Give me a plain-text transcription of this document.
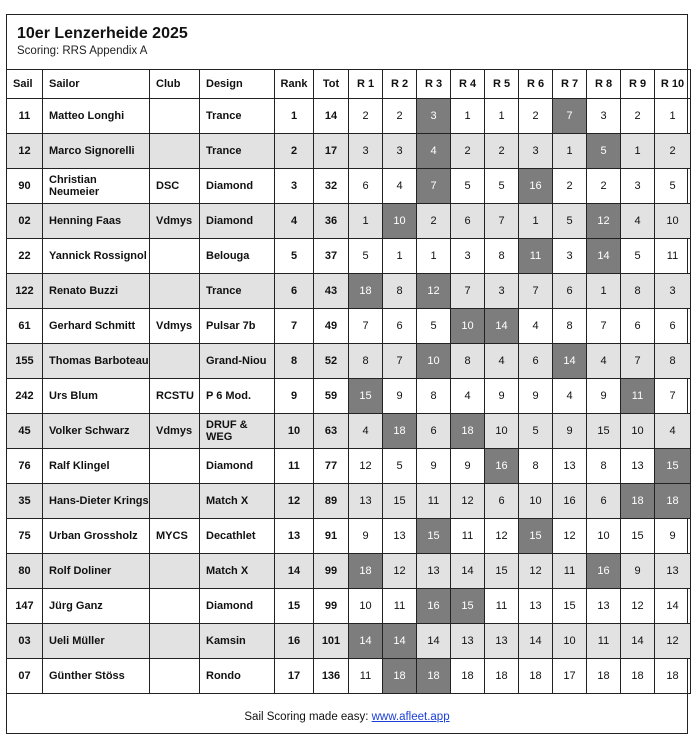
10er Lenzerheide 2025
Scoring: RRS Appendix A
Sail	Sailor	Club	Design	Rank	Tot	R 1	R 2	R 3	R 4	R 5	R 6	R 7	R 8	R 9	R 10
11	Matteo Longhi		Trance	1	14	2	2	3	1	1	2	7	3	2	1
12	Marco Signorelli		Trance	2	17	3	3	4	2	2	3	1	5	1	2
90	Christian Neumeier	DSC	Diamond	3	32	6	4	7	5	5	16	2	2	3	5
02	Henning Faas	Vdmys	Diamond	4	36	1	10	2	6	7	1	5	12	4	10
22	Yannick Rossignol		Belouga	5	37	5	1	1	3	8	11	3	14	5	11
122	Renato Buzzi		Trance	6	43	18	8	12	7	3	7	6	1	8	3
61	Gerhard Schmitt	Vdmys	Pulsar 7b	7	49	7	6	5	10	14	4	8	7	6	6
155	Thomas Barboteau		Grand-Niou	8	52	8	7	10	8	4	6	14	4	7	8
242	Urs Blum	RCSTU	P 6 Mod.	9	59	15	9	8	4	9	9	4	9	11	7
45	Volker Schwarz	Vdmys	DRUF & WEG	10	63	4	18	6	18	10	5	9	15	10	4
76	Ralf Klingel		Diamond	11	77	12	5	9	9	16	8	13	8	13	15
35	Hans-Dieter Krings		Match X	12	89	13	15	11	12	6	10	16	6	18	18
75	Urban Grossholz	MYCS	Decathlet	13	91	9	13	15	11	12	15	12	10	15	9
80	Rolf Doliner		Match X	14	99	18	12	13	14	15	12	11	16	9	13
147	Jürg Ganz		Diamond	15	99	10	11	16	15	11	13	15	13	12	14
03	Ueli Müller		Kamsin	16	101	14	14	14	13	13	14	10	11	14	12
07	Günther Stöss		Rondo	17	136	11	18	18	18	18	18	17	18	18	18
Sail Scoring made easy: www.afleet.app
